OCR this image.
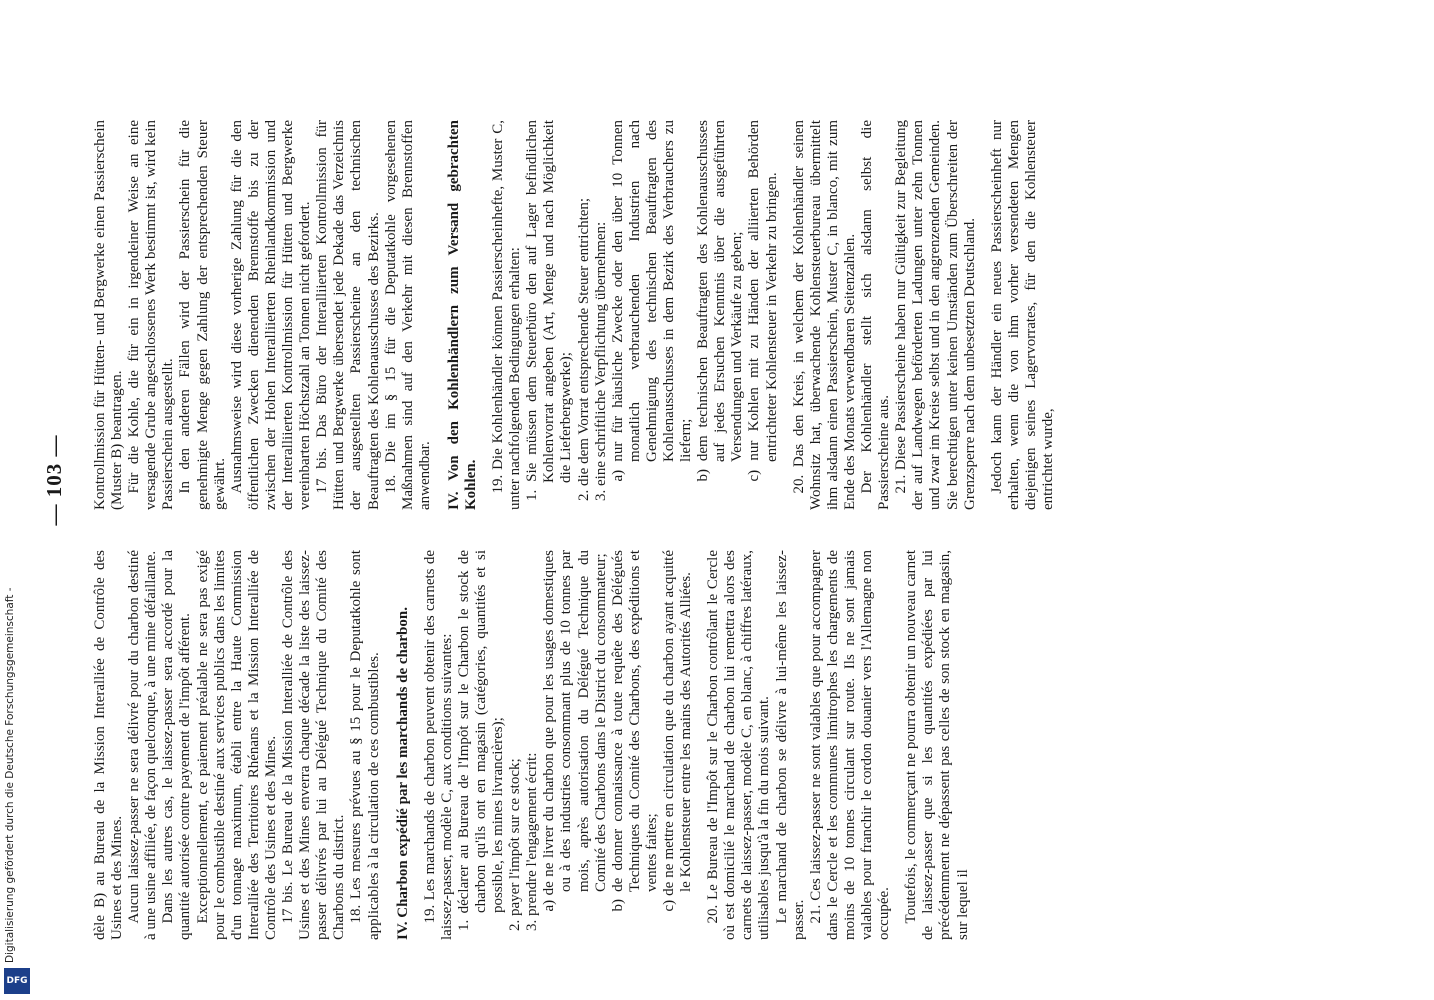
— 103 —

dèle B) au Bureau de la Mission Interalliée de Contrôle des Usines et des Mines. Aucun laissez-passer ne sera délivré pour du charbon destiné à une usine affiliée, de façon quelconque, à une mine défaillante. Dans les autres cas, le laissez-passer sera accordé pour la quantité autorisée contre payement de l'impôt afférent. Exceptionnellement, ce paiement préalable ne sera pas exigé pour le combustible destiné aux services publics dans les limites d'un tonnage maximum, établi entre la Haute Commission Interalliée des Territoires Rhénans et la Mission Interalliée de Contrôle des Usines et des Mines. 17 bis. Le Bureau de la Mission Interalliée de Contrôle des Usines et des Mines enverra chaque décade la liste des laissez-passer délivrés par lui au Délégué Technique du Comité des Charbons du district. 18. Les mesures prévues au § 15 pour le Deputatkohle sont applicables à la circulation de ces combustibles. IV. Charbon expédié par les marchands de charbon. 19. Les marchands de charbon peuvent obtenir des carnets de laissez-passer, modèle C, aux conditions suivantes: 1. déclarer au Bureau de l'Impôt sur le Charbon le stock de charbon qu'ils ont en magasin (catégories, quantités et si possible, les mines livrancières); 2. payer l'impôt sur ce stock; 3. prendre l'engagement écrit: a) de ne livrer du charbon que pour les usages domestiques ou à des industries consommant plus de 10 tonnes par mois, après autorisation du Délégué Technique du Comité des Charbons dans le District du consommateur; b) de donner connaissance à toute requête des Délégués Techniques du Comité des Charbons, des expéditions et ventes faites; c) de ne mettre en circulation que du charbon ayant acquitté le Kohlensteuer entre les mains des Autorités Alliées. 20. Le Bureau de l'Impôt sur le Charbon contrôlant le Cercle où est domicilié le marchand de charbon lui remettra alors des carnets de laissez-passer, modèle C, en blanc, à chiffres latéraux, utilisables jusqu'à la fin du mois suivant. Le marchand de charbon se délivre à lui-même les laissez-passer. 21. Ces laissez-passer ne sont valables que pour accompagner dans le Cercle et les communes limitrophes les chargements de moins de 10 tonnes circulant sur route. Ils ne sont jamais valables pour franchir le cordon douanier vers l'Allemagne non occupée. Toutefois, le commerçant ne pourra obtenir un nouveau carnet de laissez-passer que si les quantités expédiées par lui précédemment ne dépassent pas celles de son stock en magasin, sur lequel il

Kontrollmission für Hütten- und Bergwerke einen Passierschein (Muster B) beantragen. Für die Kohle, die für ein in irgendeiner Weise an eine versagende Grube angeschlossenes Werk bestimmt ist, wird kein Passierschein ausgestellt. In den anderen Fällen wird der Passierschein für die genehmigte Menge gegen Zahlung der entsprechenden Steuer gewährt. Ausnahmsweise wird diese vorherige Zahlung für die den öffentlichen Zwecken dienenden Brennstoffe bis zu der zwischen der Hohen Interalliierten Rheinlandkommission und der Interalliierten Kontrollmission für Hütten und Bergwerke vereinbarten Höchstzahl an Tonnen nicht gefordert. 17 bis. Das Büro der Interalliierten Kontrollmission für Hütten und Bergwerke übersendet jede Dekade das Verzeichnis der ausgestellten Passierscheine an den technischen Beauftragten des Kohlenausschusses des Bezirks. 18. Die im § 15 für die Deputatkohle vorgesehenen Maßnahmen sind auf den Verkehr mit diesen Brennstoffen anwendbar. IV. Von den Kohlenhändlern zum Versand gebrachten Kohlen. 19. Die Kohlenhändler können Passierscheinhefte, Muster C, unter nachfolgenden Bedingungen erhalten: 1. Sie müssen dem Steuerbüro den auf Lager befindlichen Kohlenvorrat angeben (Art, Menge und nach Möglichkeit die Lieferbergwerke); 2. die dem Vorrat entsprechende Steuer entrichten; 3. eine schriftliche Verpflichtung übernehmen: a) nur für häusliche Zwecke oder den über 10 Tonnen monatlich verbrauchenden Industrien nach Genehmigung des technischen Beauftragten des Kohlenausschusses in dem Bezirk des Verbrauchers zu liefern; b) dem technischen Beauftragten des Kohlenausschusses auf jedes Ersuchen Kenntnis über die ausgeführten Versendungen und Verkäufe zu geben; c) nur Kohlen mit zu Händen der alliierten Behörden entrichteter Kohlensteuer in Verkehr zu bringen. 20. Das den Kreis, in welchem der Kohlenhändler seinen Wohnsitz hat, überwachende Kohlensteuerbureau übermittelt ihm alsdann einen Passierschein, Muster C, in blanco, mit zum Ende des Monats verwendbaren Seitenzahlen. Der Kohlenhändler stellt sich alsdann selbst die Passierscheine aus. 21. Diese Passierscheine haben nur Gültigkeit zur Begleitung der auf Landwegen beförderten Ladungen unter zehn Tonnen und zwar im Kreise selbst und in den angrenzenden Gemeinden. Sie berechtigen unter keinen Umständen zum Überschreiten der Grenzsperre nach dem unbesetzten Deutschland. Jedoch kann der Händler ein neues Passierscheinheft nur erhalten, wenn die von ihm vorher versendeten Mengen diejenigen seines Lagervorrates, für den die Kohlensteuer entrichtet wurde,

Digitalisierung gefördert durch die Deutsche Forschungsgemeinschaft -
DFG
